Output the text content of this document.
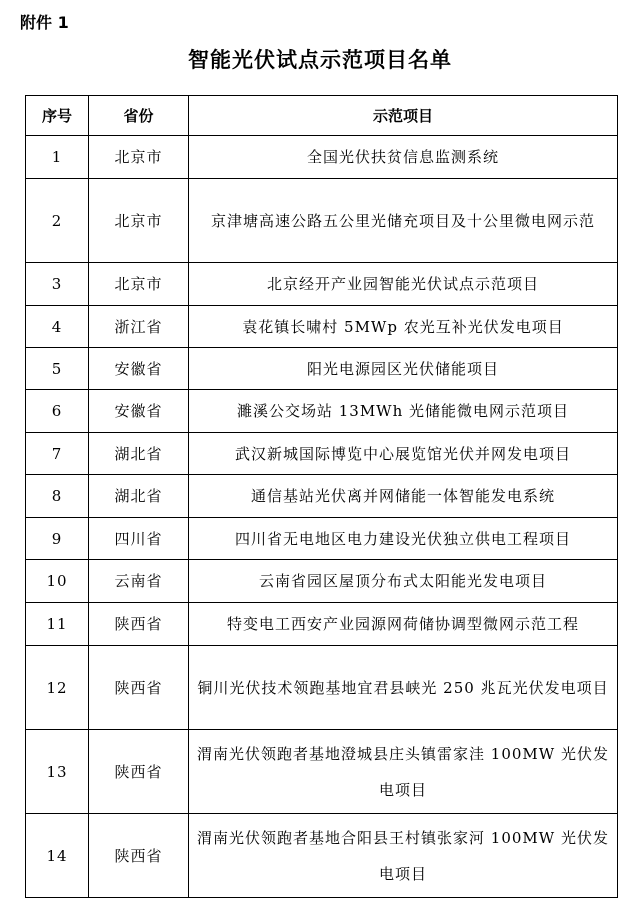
附件 1
智能光伏试点示范项目名单
序号	省份	示范项目
1	北京市	全国光伏扶贫信息监测系统
2	北京市	京津塘高速公路五公里光储充项目及十公里微电网示范
3	北京市	北京经开产业园智能光伏试点示范项目
4	浙江省	袁花镇长啸村 5MWp 农光互补光伏发电项目
5	安徽省	阳光电源园区光伏储能项目
6	安徽省	濉溪公交场站 13MWh 光储能微电网示范项目
7	湖北省	武汉新城国际博览中心展览馆光伏并网发电项目
8	湖北省	通信基站光伏离并网储能一体智能发电系统
9	四川省	四川省无电地区电力建设光伏独立供电工程项目
10	云南省	云南省园区屋顶分布式太阳能光发电项目
11	陕西省	特变电工西安产业园源网荷储协调型微网示范工程
12	陕西省	铜川光伏技术领跑基地宜君县峡光 250 兆瓦光伏发电项目
13	陕西省	渭南光伏领跑者基地澄城县庄头镇雷家洼 100MW 光伏发电项目
14	陕西省	渭南光伏领跑者基地合阳县王村镇张家河 100MW 光伏发电项目
